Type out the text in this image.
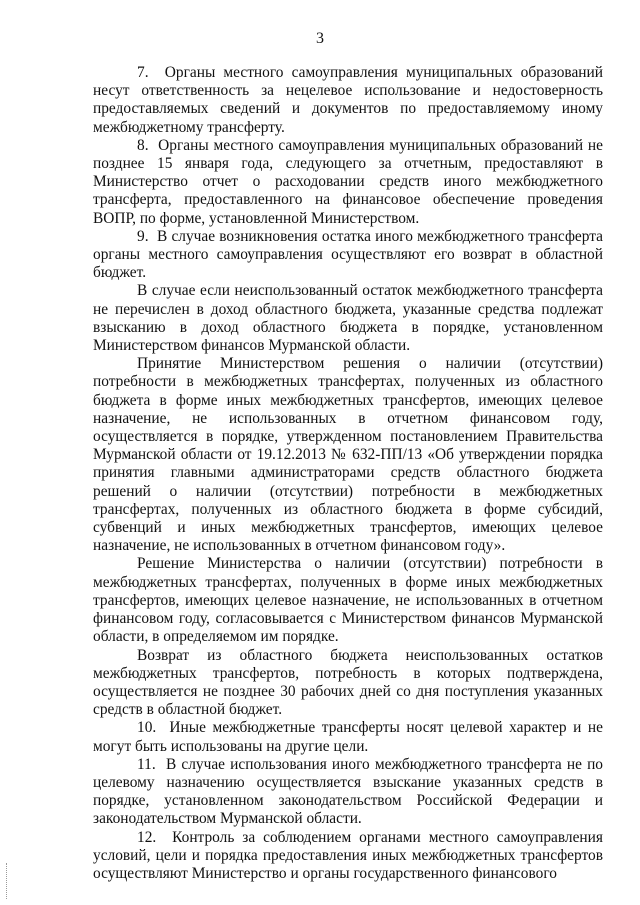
3

7.  Органы местного самоуправления муниципальных образований несут ответственность за нецелевое использование и недостоверность предоставляемых сведений и документов по предоставляемому иному межбюджетному трансферту.

8.  Органы местного самоуправления муниципальных образований не позднее 15 января года, следующего за отчетным, предоставляют в Министерство отчет о расходовании средств иного межбюджетного трансферта, предоставленного на финансовое обеспечение проведения ВОПР, по форме, установленной Министерством.

9.  В случае возникновения остатка иного межбюджетного трансферта органы местного самоуправления осуществляют его возврат в областной бюджет.

В случае если неиспользованный остаток межбюджетного трансферта не перечислен в доход областного бюджета, указанные средства подлежат взысканию в доход областного бюджета в порядке, установленном Министерством финансов Мурманской области.

Принятие Министерством решения о наличии (отсутствии) потребности в межбюджетных трансфертах, полученных из областного бюджета в форме иных межбюджетных трансфертов, имеющих целевое назначение, не использованных в отчетном финансовом году, осуществляется в порядке, утвержденном постановлением Правительства Мурманской области от 19.12.2013 № 632-ПП/13 «Об утверждении порядка принятия главными администраторами средств областного бюджета решений о наличии (отсутствии) потребности в межбюджетных трансфертах, полученных из областного бюджета в форме субсидий, субвенций и иных межбюджетных трансфертов, имеющих целевое назначение, не использованных в отчетном финансовом году».

Решение Министерства о наличии (отсутствии) потребности в межбюджетных трансфертах, полученных в форме иных межбюджетных трансфертов, имеющих целевое назначение, не использованных в отчетном финансовом году, согласовывается с Министерством финансов Мурманской области, в определяемом им порядке.

Возврат из областного бюджета неиспользованных остатков межбюджетных трансфертов, потребность в которых подтверждена, осуществляется не позднее 30 рабочих дней со дня поступления указанных средств в областной бюджет.

10.  Иные межбюджетные трансферты носят целевой характер и не могут быть использованы на другие цели.

11.  В случае использования иного межбюджетного трансферта не по целевому назначению осуществляется взыскание указанных средств в порядке, установленном законодательством Российской Федерации и законодательством Мурманской области.

12.  Контроль за соблюдением органами местного самоуправления условий, цели и порядка предоставления иных межбюджетных трансфертов осуществляют Министерство и органы государственного финансового
